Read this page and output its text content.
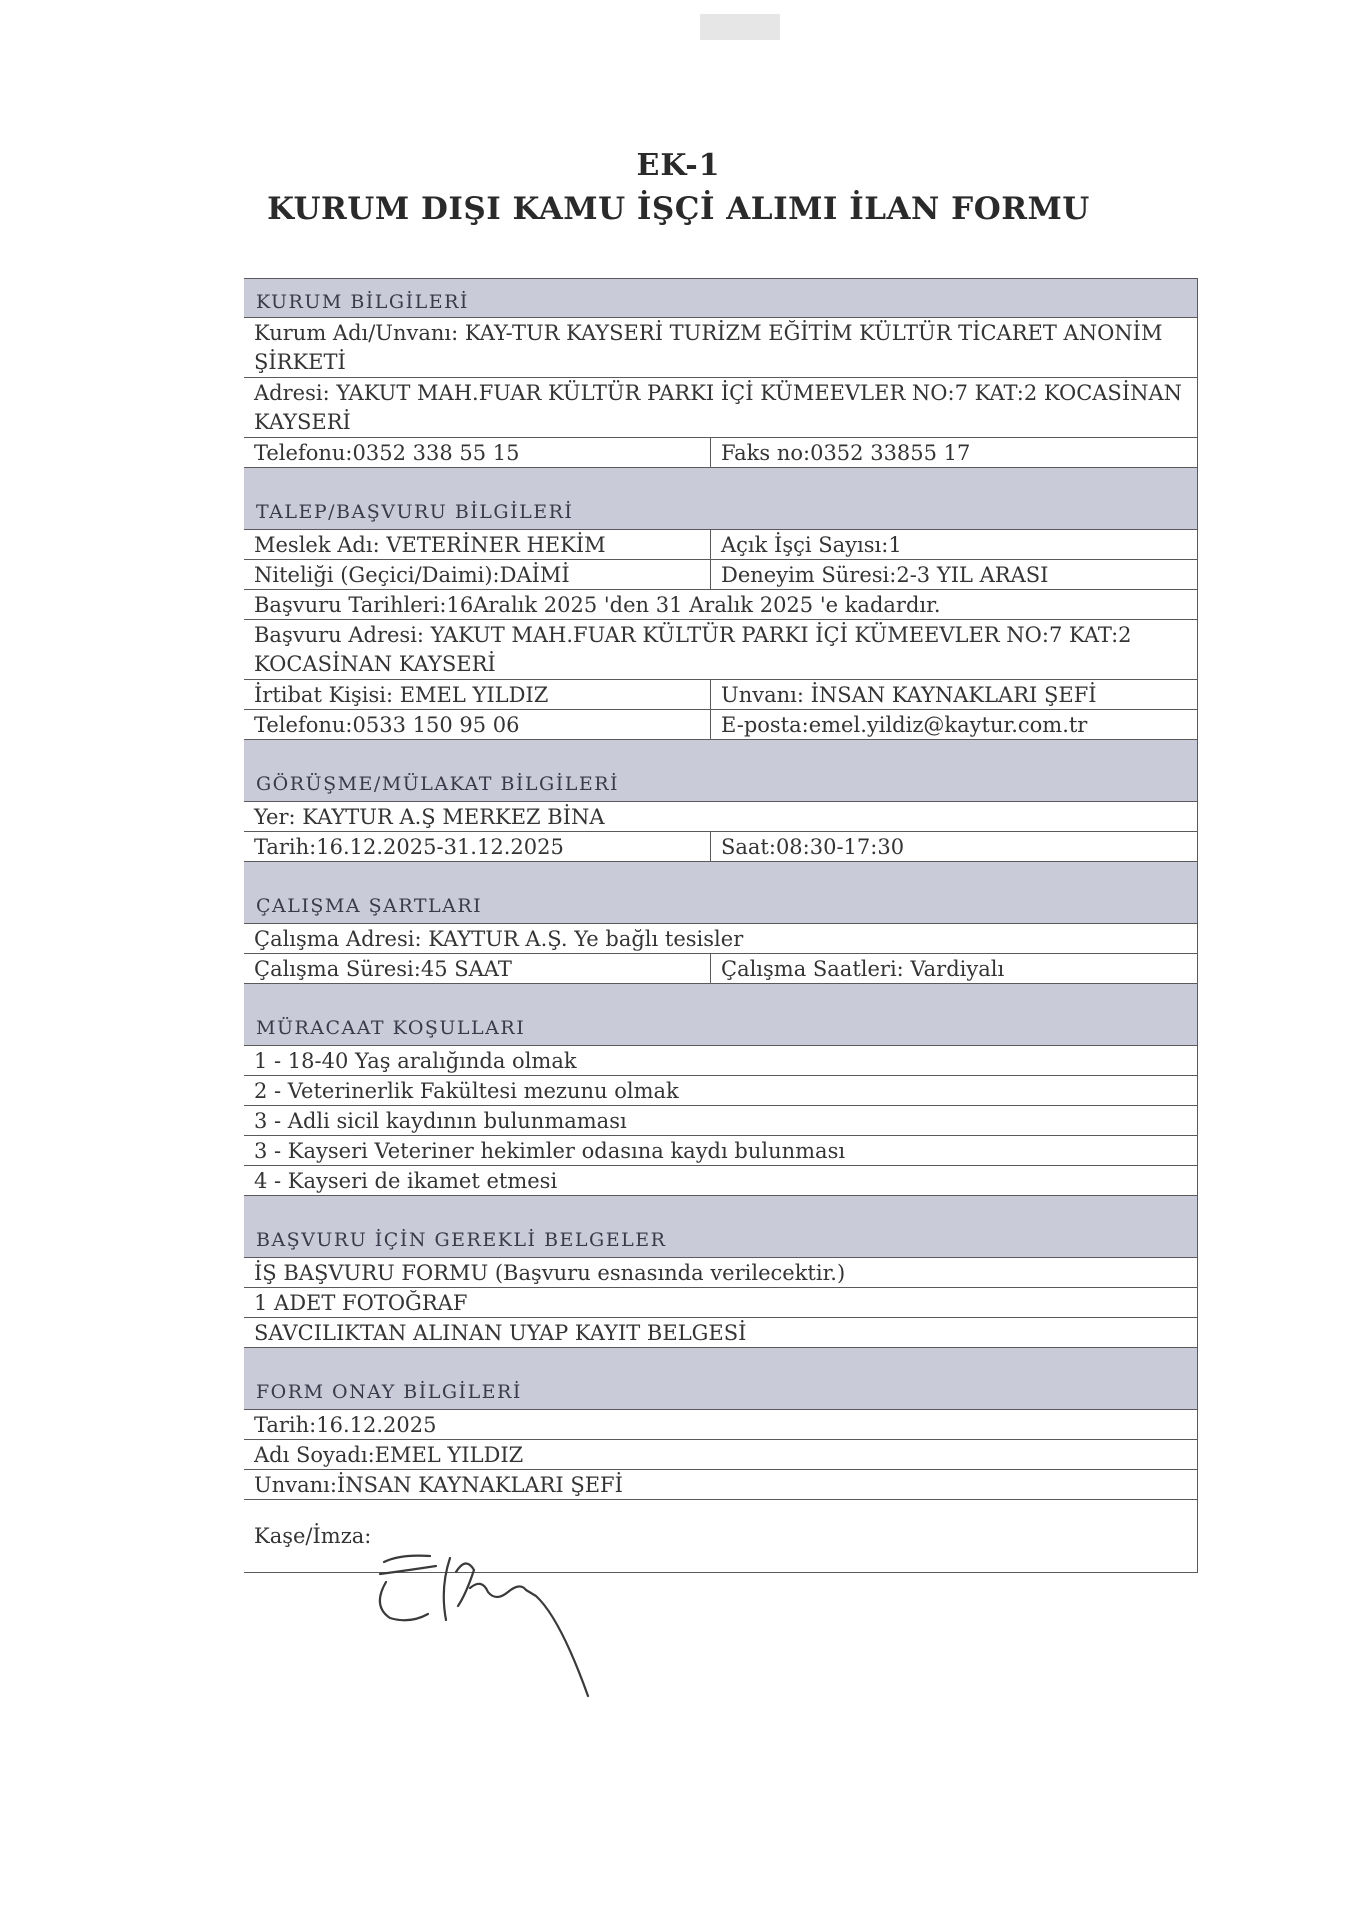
EK-1
KURUM DIŞI KAMU İŞÇİ ALIMI İLAN FORMU
KURUM BİLGİLERİ
Kurum Adı/Unvanı: KAY-TUR KAYSERİ TURİZM EĞİTİM KÜLTÜR TİCARET ANONİM ŞİRKETİ
Adresi: YAKUT MAH.FUAR KÜLTÜR PARKI İÇİ KÜMEEVLER NO:7 KAT:2 KOCASİNAN KAYSERİ
Telefonu:0352 338 55 15	Faks no:0352 33855 17
TALEP/BAŞVURU BİLGİLERİ
Meslek Adı: VETERİNER HEKİM	Açık İşçi Sayısı:1
Niteliği (Geçici/Daimi):DAİMİ	Deneyim Süresi:2-3 YIL ARASI
Başvuru Tarihleri:16Aralık 2025 'den 31 Aralık 2025 'e kadardır.
Başvuru Adresi: YAKUT MAH.FUAR KÜLTÜR PARKI İÇİ KÜMEEVLER NO:7 KAT:2 KOCASİNAN KAYSERİ
İrtibat Kişisi: EMEL YILDIZ	Unvanı: İNSAN KAYNAKLARI ŞEFİ
Telefonu:0533 150 95 06	E-posta:emel.yildiz@kaytur.com.tr
GÖRÜŞME/MÜLAKAT BİLGİLERİ
Yer: KAYTUR A.Ş MERKEZ BİNA
Tarih:16.12.2025-31.12.2025	Saat:08:30-17:30
ÇALIŞMA ŞARTLARI
Çalışma Adresi: KAYTUR A.Ş. Ye bağlı tesisler
Çalışma Süresi:45 SAAT	Çalışma Saatleri: Vardiyalı
MÜRACAAT KOŞULLARI
1 - 18-40 Yaş aralığında olmak
2 - Veterinerlik Fakültesi mezunu olmak
3 - Adli sicil kaydının bulunmaması
3 - Kayseri Veteriner hekimler odasına kaydı bulunması
4 - Kayseri de ikamet etmesi
BAŞVURU İÇİN GEREKLİ BELGELER
İŞ BAŞVURU FORMU (Başvuru esnasında verilecektir.)
1 ADET FOTOĞRAF
SAVCILIKTAN ALINAN UYAP KAYIT BELGESİ
FORM ONAY BİLGİLERİ
Tarih:16.12.2025
Adı Soyadı:EMEL YILDIZ
Unvanı:İNSAN KAYNAKLARI ŞEFİ
Kaşe/İmza:
